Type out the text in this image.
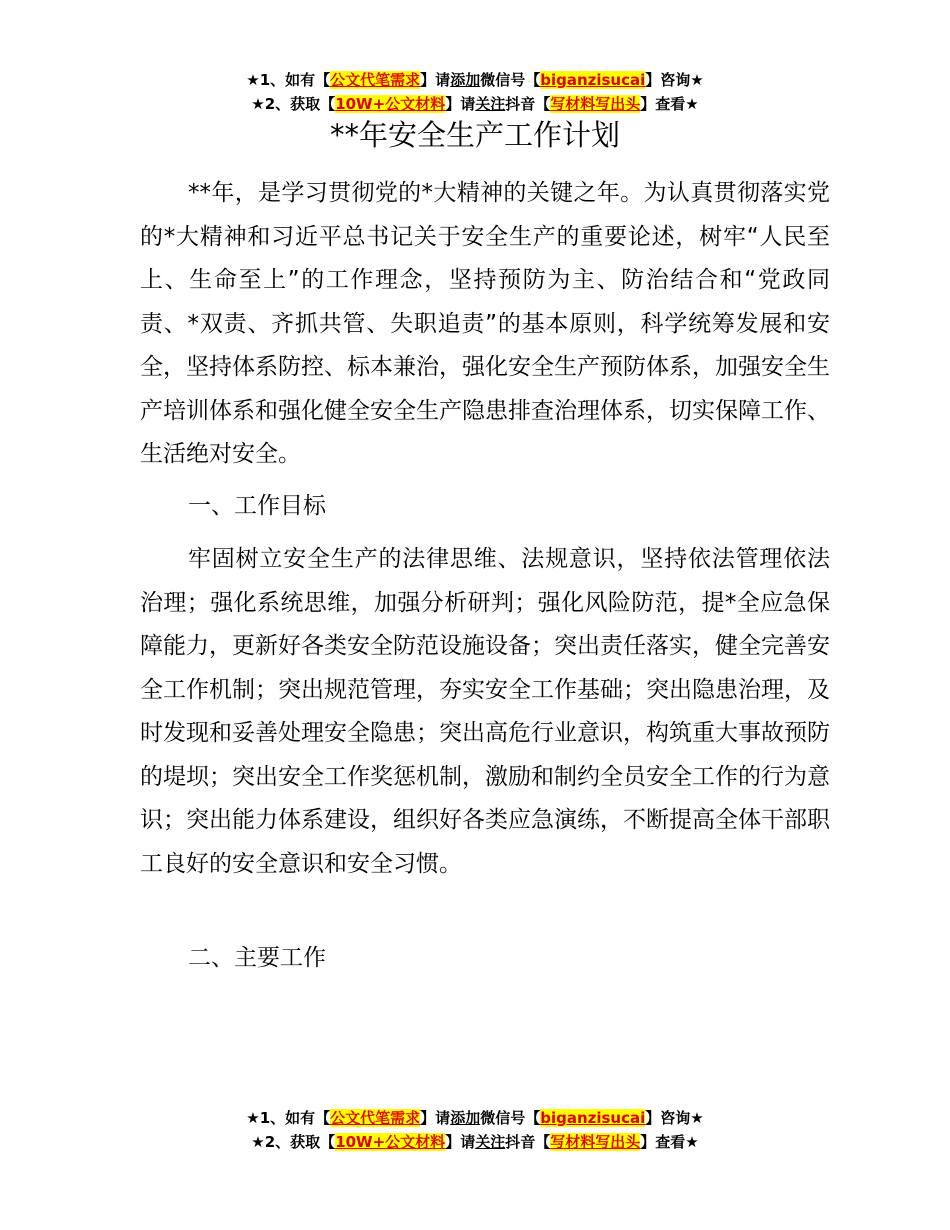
★1、如有【公文代笔需求】请添加微信号【biganzisucai】咨询★
★2、获取【10W+公文材料】请关注抖音【写材料写出头】查看★
**年安全生产工作计划

**年，是学习贯彻党的*大精神的关键之年。为认真贯彻落实党的*大精神和习近平总书记关于安全生产的重要论述，树牢“人民至上、生命至上”的工作理念，坚持预防为主、防治结合和“党政同责、*双责、齐抓共管、失职追责”的基本原则，科学统筹发展和安全，坚持体系防控、标本兼治，强化安全生产预防体系，加强安全生产培训体系和强化健全安全生产隐患排查治理体系，切实保障工作、生活绝对安全。

一、工作目标

牢固树立安全生产的法律思维、法规意识，坚持依法管理依法治理；强化系统思维，加强分析研判；强化风险防范，提*全应急保障能力，更新好各类安全防范设施设备；突出责任落实，健全完善安全工作机制；突出规范管理，夯实安全工作基础；突出隐患治理，及时发现和妥善处理安全隐患；突出高危行业意识，构筑重大事故预防的堤坝；突出安全工作奖惩机制，激励和制约全员安全工作的行为意识；突出能力体系建设，组织好各类应急演练，不断提高全体干部职工良好的安全意识和安全习惯。

二、主要工作

★1、如有【公文代笔需求】请添加微信号【biganzisucai】咨询★
★2、获取【10W+公文材料】请关注抖音【写材料写出头】查看★
